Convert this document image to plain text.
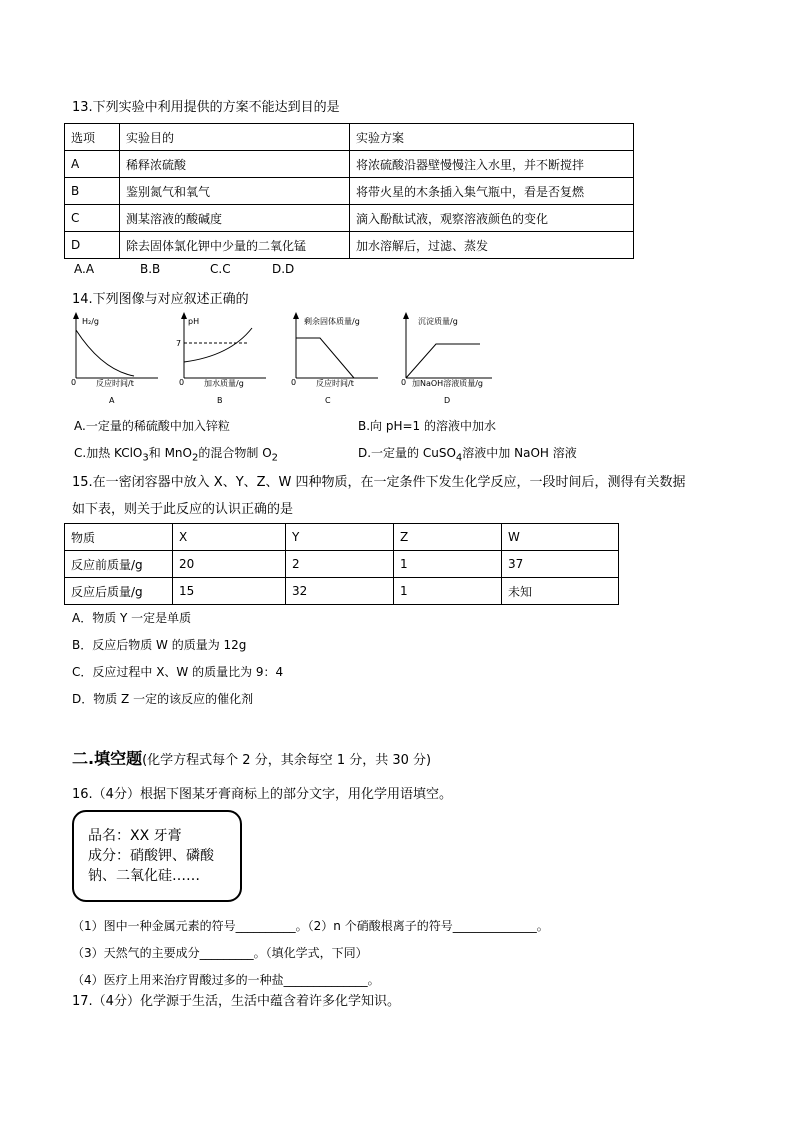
13.下列实验中利用提供的方案不能达到目的是
选项	实验目的	实验方案
A	稀释浓硫酸	将浓硫酸沿器壁慢慢注入水里，并不断搅拌
B	鉴别氮气和氧气	将带火星的木条插入集气瓶中，看是否复燃
C	测某溶液的酸碱度	滴入酚酞试液，观察溶液颜色的变化
D	除去固体氯化钾中少量的二氧化锰	加水溶解后，过滤、蒸发
A.A	B.B	C.C	D.D
14.下列图像与对应叙述正确的
H₂/g
0 反应时间/t
A
pH
7
0 加水质量/g
B
剩余固体质量/g
0 反应时间/t
C
沉淀质量/g
0 加NaOH溶液质量/g
D
A.一定量的稀硫酸中加入锌粒	B.向 pH=1 的溶液中加水
C.加热 KClO$_3$和 MnO$_2$的混合物制 $O_2$	D.一定量的 CuSO$_4$溶液中加 NaOH 溶液
15.在一密闭容器中放入 X、Y、Z、W 四种物质，在一定条件下发生化学反应，一段时间后，测得有关数据
如下表，则关于此反应的认识正确的是
物质	X	Y	Z	W
反应前质量/g	20	2	1	37
反应后质量/g	15	32	1	未知
A．物质 Y 一定是单质
B．反应后物质 W 的质量为 12g
C．反应过程中 X、W 的质量比为 9：4
D．物质 Z 一定的该反应的催化剂
二.填空题(化学方程式每个 2 分，其余每空 1 分，共 30 分)
16.（4分）根据下图某牙膏商标上的部分文字，用化学用语填空。
品名：XX 牙膏
成分：硝酸钾、磷酸
钠、二氧化硅……
（1）图中一种金属元素的符号__________。（2）n 个硝酸根离子的符号______________。
（3）天然气的主要成分_________。（填化学式，下同）
（4）医疗上用来治疗胃酸过多的一种盐______________。
17.（4分）化学源于生活，生活中蕴含着许多化学知识。
